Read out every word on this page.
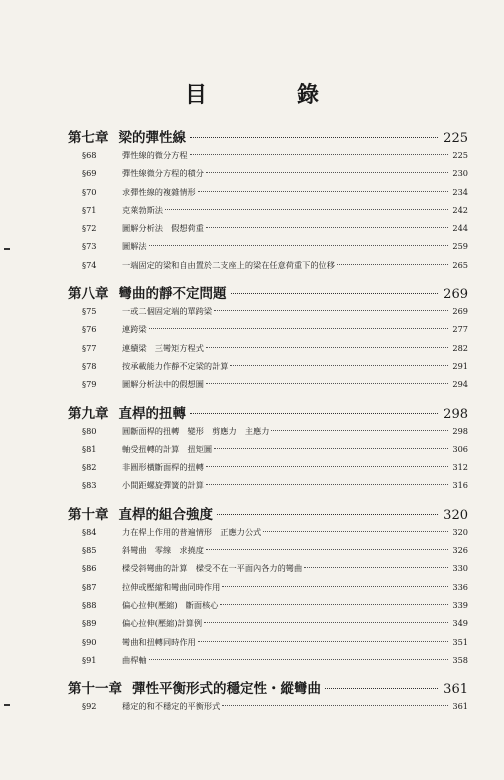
目　錄
第七章 梁的彈性線	225
§68	彈性線的微分方程	225
§69	彈性線微分方程的積分	230
§70	求彈性線的複雜情形	234
§71	克萊勃斯法	242
§72	圖解分析法　假想荷重	244
§73	圖解法	259
§74	一端固定的梁和自由置於二支座上的梁在任意荷重下的位移	265
第八章 彎曲的靜不定問題	269
§75	一或二個固定端的單跨梁	269
§76	連跨梁	277
§77	連續梁　三彎矩方程式	282
§78	按承載能力作靜不定梁的計算	291
§79	圖解分析法中的假想圖	294
第九章 直桿的扭轉	298
§80	圓斷面桿的扭轉　變形　剪應力　主應力	298
§81	軸受扭轉的計算　扭矩圖	306
§82	非圓形橫斷面桿的扭轉	312
§83	小間距螺旋彈簧的計算	316
第十章 直桿的組合強度	320
§84	力在桿上作用的普遍情形　正應力公式	320
§85	斜彎曲　零線　求撓度	326
§86	樑受斜彎曲的計算　樑受不在一平面內各力的彎曲	330
§87	拉伸或壓縮和彎曲同時作用	336
§88	偏心拉伸(壓縮)　斷面核心	339
§89	偏心拉伸(壓縮)計算例	349
§90	彎曲和扭轉同時作用	351
§91	曲桿軸	358
第十一章 彈性平衡形式的穩定性・縱彎曲	361
§92	穩定的和不穩定的平衡形式	361
